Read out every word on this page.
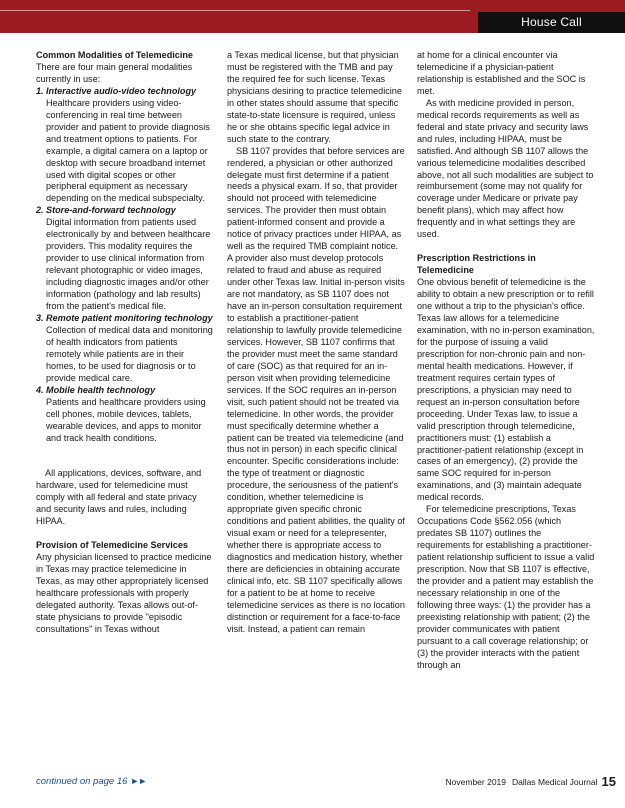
House Call

Common Modalities of Telemedicine

There are four main general modalities currently in use:

1. Interactive audio-video technology
Healthcare providers using video-conferencing in real time between provider and patient to provide diagnosis and treatment options to patients. For example, a digital camera on a laptop or desktop with secure broadband internet used with digital scopes or other peripheral equipment as necessary depending on the medical subspecialty.
2. Store-and-forward technology
Digital information from patients used electronically by and between healthcare providers. This modality requires the provider to use clinical information from relevant photographic or video images, including diagnostic images and/or other information (pathology and lab results) from the patient's medical file.
3. Remote patient monitoring technology
Collection of medical data and monitoring of health indicators from patients remotely while patients are in their homes, to be used for diagnosis or to provide medical care.
4. Mobile health technology
Patients and healthcare providers using cell phones, mobile devices, tablets, wearable devices, and apps to monitor and track health conditions.

All applications, devices, software, and hardware, used for telemedicine must comply with all federal and state privacy and security laws and rules, including HIPAA.

Provision of Telemedicine Services

Any physician licensed to practice medicine in Texas may practice telemedicine in Texas, as may other appropriately licensed healthcare professionals with properly delegated authority. Texas allows out-of-state physicians to provide "episodic consultations" in Texas without

a Texas medical license, but that physician must be registered with the TMB and pay the required fee for such license. Texas physicians desiring to practice telemedicine in other states should assume that specific state-to-state licensure is required, unless he or she obtains specific legal advice in such state to the contrary.

SB 1107 provides that before services are rendered, a physician or other authorized delegate must first determine if a patient needs a physical exam. If so, that provider should not proceed with telemedicine services. The provider then must obtain patient-informed consent and provide a notice of privacy practices under HIPAA, as well as the required TMB complaint notice. A provider also must develop protocols related to fraud and abuse as required under other Texas law. Initial in-person visits are not mandatory, as SB 1107 does not have an in-person consultation requirement to establish a practitioner-patient relationship to lawfully provide telemedicine services. However, SB 1107 confirms that the provider must meet the same standard of care (SOC) as that required for an in-person visit when providing telemedicine services. If the SOC requires an in-person visit, such patient should not be treated via telemedicine. In other words, the provider must specifically determine whether a patient can be treated via telemedicine (and thus not in person) in each specific clinical encounter. Specific considerations include: the type of treatment or diagnostic procedure, the seriousness of the patient's condition, whether telemedicine is appropriate given specific chronic conditions and patient abilities, the quality of visual exam or need for a telepresenter, whether there is appropriate access to diagnostics and medication history, whether there are deficiencies in obtaining accurate clinical info, etc. SB 1107 specifically allows for a patient to be at home to receive telemedicine services as there is no location distinction or requirement for a face-to-face visit. Instead, a patient can remain

at home for a clinical encounter via telemedicine if a physician-patient relationship is established and the SOC is met.

As with medicine provided in person, medical records requirements as well as federal and state privacy and security laws and rules, including HIPAA, must be satisfied. And although SB 1107 allows the various telemedicine modalities described above, not all such modalities are subject to reimbursement (some may not qualify for coverage under Medicare or private pay benefit plans), which may affect how frequently and in what settings they are used.

Prescription Restrictions in Telemedicine

One obvious benefit of telemedicine is the ability to obtain a new prescription or to refill one without a trip to the physician's office. Texas law allows for a telemedicine examination, with no in-person examination, for the purpose of issuing a valid prescription for non-chronic pain and non-mental health medications. However, if treatment requires certain types of prescriptions, a physician may need to request an in-person consultation before proceeding. Under Texas law, to issue a valid prescription through telemedicine, practitioners must: (1) establish a practitioner-patient relationship (except in cases of an emergency), (2) provide the same SOC required for in-person examinations, and (3) maintain adequate medical records.

For telemedicine prescriptions, Texas Occupations Code §562.056 (which predates SB 1107) outlines the requirements for establishing a practitioner-patient relationship sufficient to issue a valid prescription. Now that SB 1107 is effective, the provider and a patient may establish the necessary relationship in one of the following three ways: (1) the provider has a preexisting relationship with patient; (2) the provider communicates with patient pursuant to a call coverage relationship; or (3) the provider interacts with the patient through an

continued on page 16 ►►	November 2019 Dallas Medical Journal 15
